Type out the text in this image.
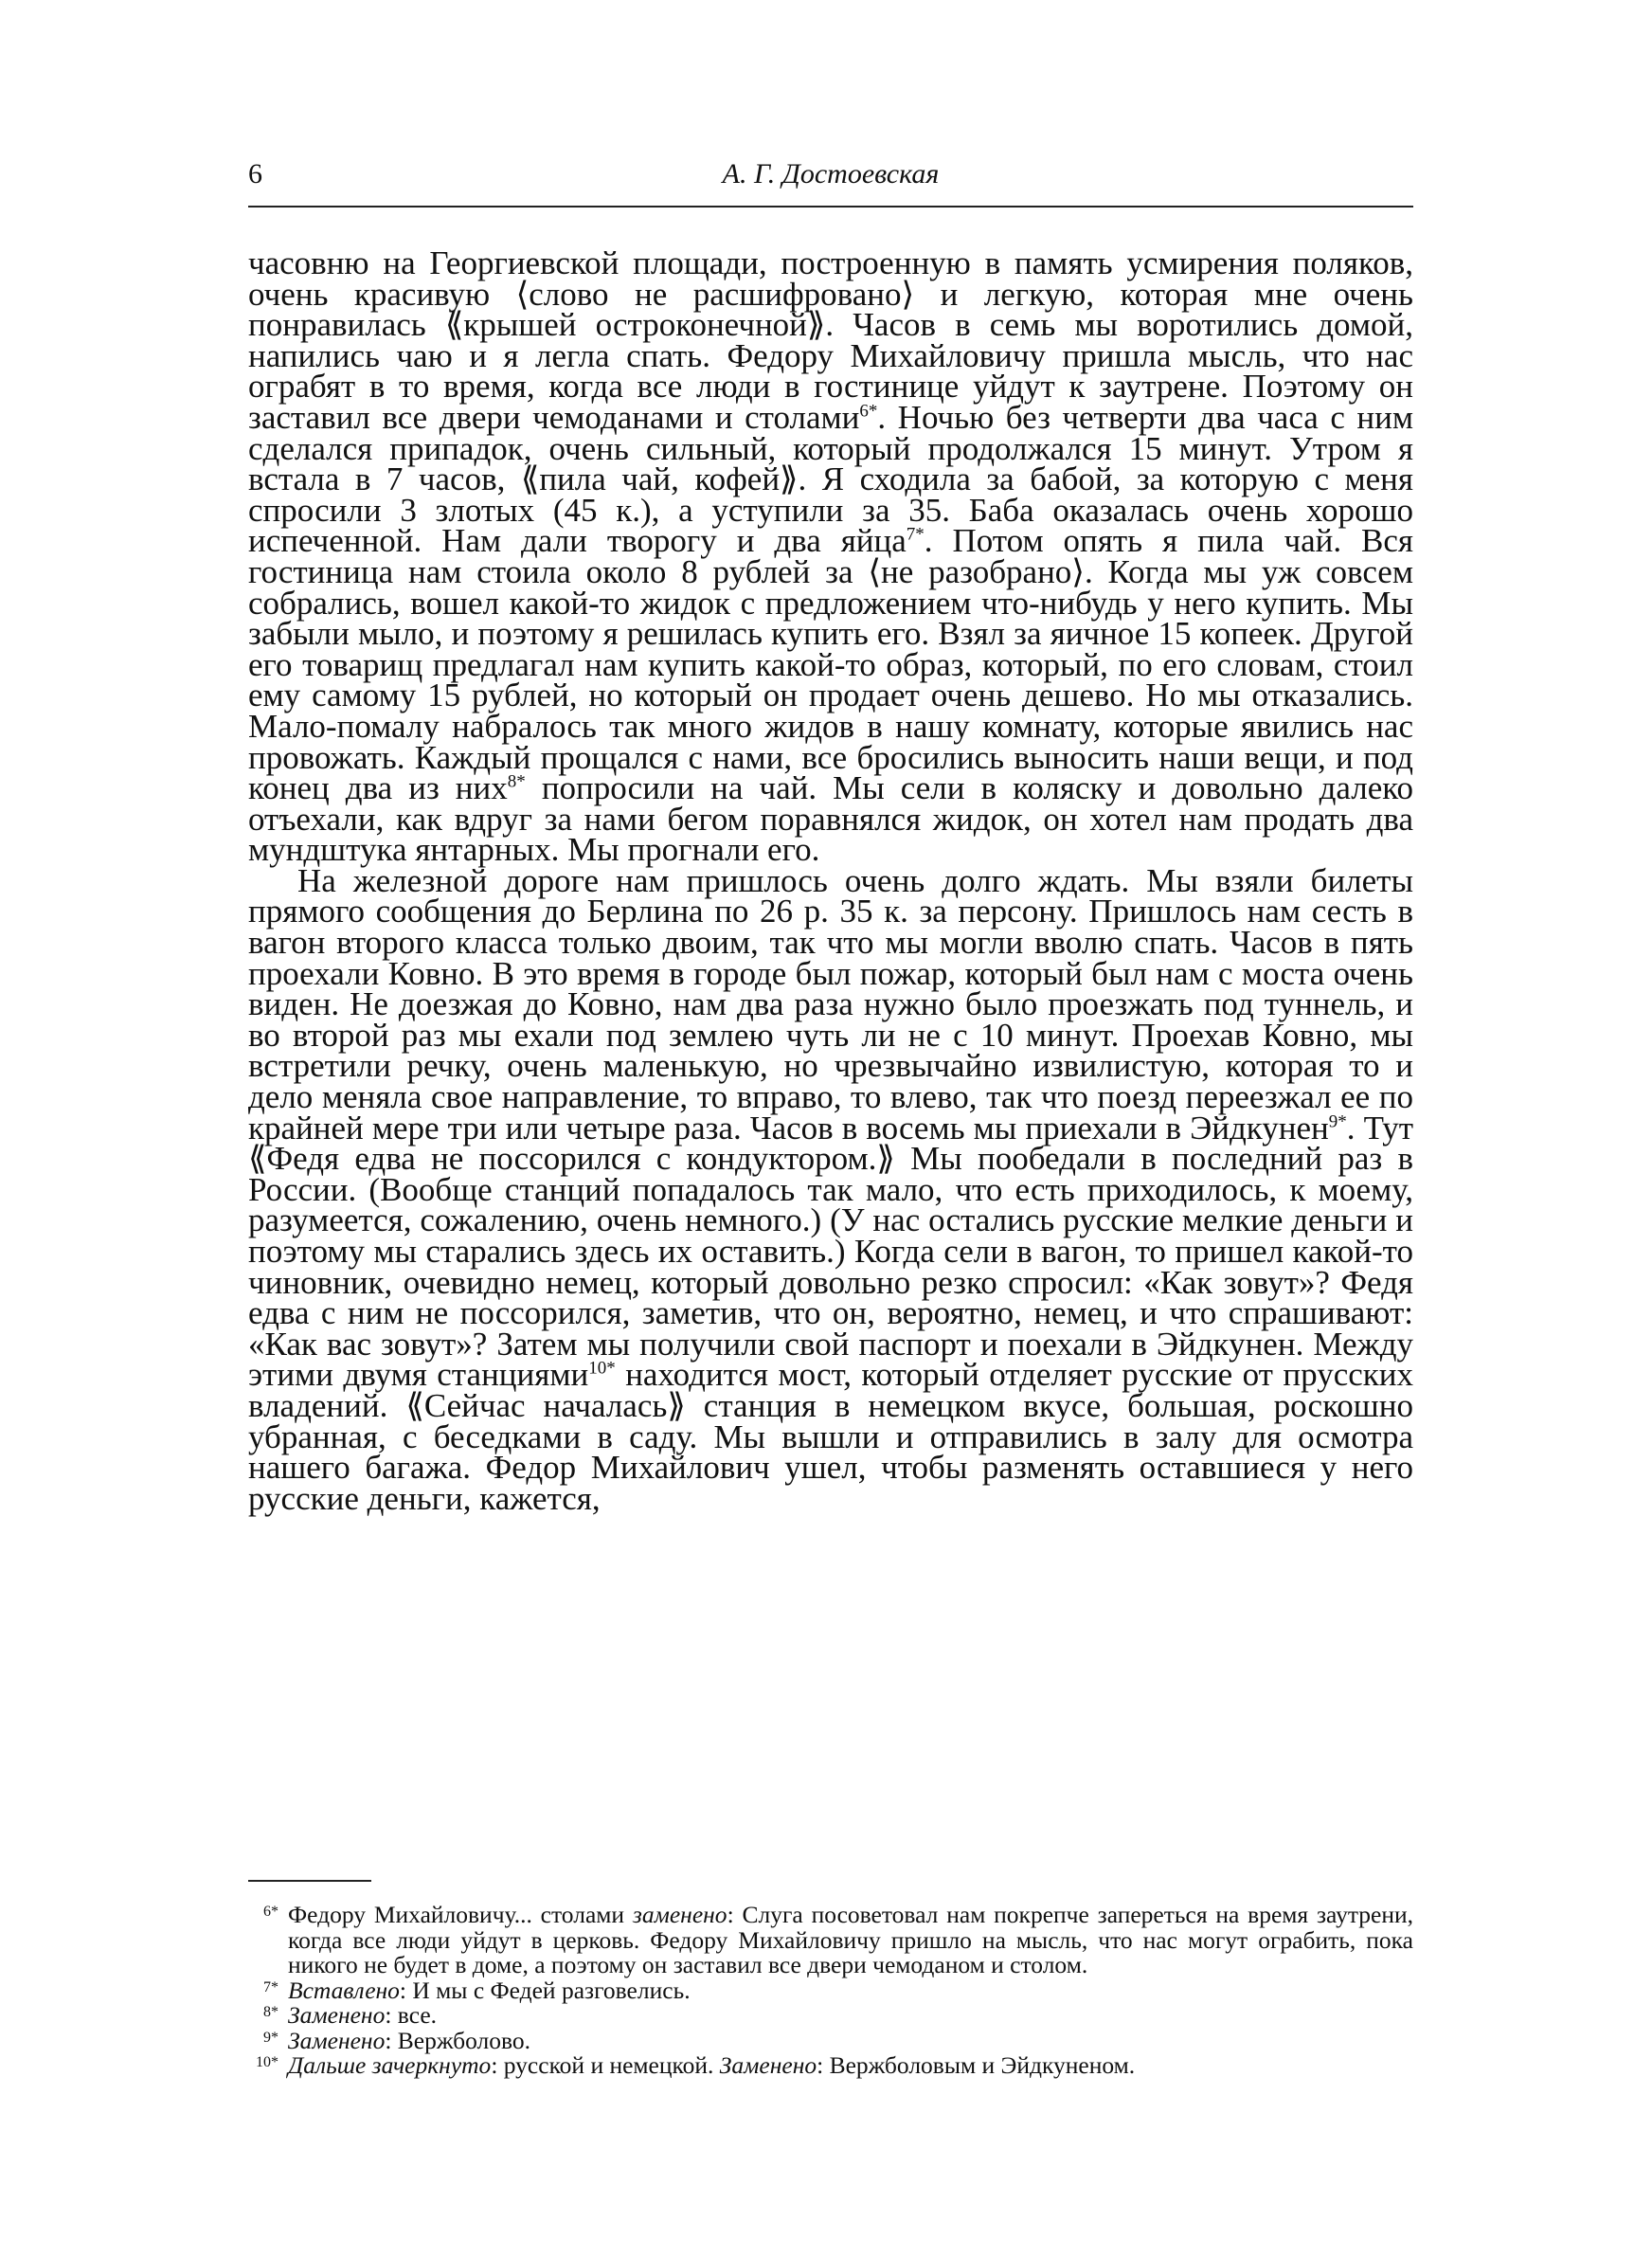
6	А. Г. Достоевская

часовню на Георгиевской площади, построенную в память усмирения поляков, очень красивую ⟨слово не расшифровано⟩ и легкую, которая мне очень понравилась ⟪крышей остроконечной⟫. Часов в семь мы воротились домой, напились чаю и я легла спать. Федору Михайловичу пришла мысль, что нас ограбят в то время, когда все люди в гостинице уйдут к заутрене. Поэтому он заставил все двери чемоданами и столами$^{6*}$. Ночью без четверти два часа с ним сделался припадок, очень сильный, который продолжался 15 минут. Утром я встала в 7 часов, ⟪пила чай, кофей⟫. Я сходила за бабой, за которую с меня спросили 3 злотых (45 к.), а уступили за 35. Баба оказалась очень хорошо испеченной. Нам дали творогу и два яйца$^{7*}$. Потом опять я пила чай. Вся гостиница нам стоила около 8 рублей за ⟨не разобрано⟩. Когда мы уж совсем собрались, вошел какой-то жидок с предложением что-нибудь у него купить. Мы забыли мыло, и поэтому я решилась купить его. Взял за яичное 15 копеек. Другой его товарищ предлагал нам купить какой-то образ, который, по его словам, стоил ему самому 15 рублей, но который он продает очень дешево. Но мы отказались. Мало-помалу набралось так много жидов в нашу комнату, которые явились нас провожать. Каждый прощался с нами, все бросились выносить наши вещи, и под конец два из них$^{8*}$ попросили на чай. Мы сели в коляску и довольно далеко отъехали, как вдруг за нами бегом поравнялся жидок, он хотел нам продать два мундштука янтарных. Мы прогнали его.

На железной дороге нам пришлось очень долго ждать. Мы взяли билеты прямого сообщения до Берлина по 26 р. 35 к. за персону. Пришлось нам сесть в вагон второго класса только двоим, так что мы могли вволю спать. Часов в пять проехали Ковно. В это время в городе был пожар, который был нам с моста очень виден. Не доезжая до Ковно, нам два раза нужно было проезжать под туннель, и во второй раз мы ехали под землею чуть ли не с 10 минут. Проехав Ковно, мы встретили речку, очень маленькую, но чрезвычайно извилистую, которая то и дело меняла свое направление, то вправо, то влево, так что поезд переезжал ее по крайней мере три или четыре раза. Часов в восемь мы приехали в Эйдкунен$^{9*}$. Тут ⟪Федя едва не поссорился с кондуктором.⟫ Мы пообедали в последний раз в России. (Вообще станций попадалось так мало, что есть приходилось, к моему, разумеется, сожалению, очень немного.) (У нас остались русские мелкие деньги и поэтому мы старались здесь их оставить.) Когда сели в вагон, то пришел какой-то чиновник, очевидно немец, который довольно резко спросил: «Как зовут»? Федя едва с ним не поссорился, заметив, что он, вероятно, немец, и что спрашивают: «Как вас зовут»? Затем мы получили свой паспорт и поехали в Эйдкунен. Между этими двумя станциями$^{10*}$ находится мост, который отделяет русские от прусских владений. ⟪Сейчас началась⟫ станция в немецком вкусе, большая, роскошно убранная, с беседками в саду. Мы вышли и отправились в залу для осмотра нашего багажа. Федор Михайлович ушел, чтобы разменять оставшиеся у него русские деньги, кажется,

6* Федору Михайловичу... столами заменено: Слуга посоветовал нам покрепче запереться на время заутрени, когда все люди уйдут в церковь. Федору Михайловичу пришло на мысль, что нас могут ограбить, пока никого не будет в доме, а поэтому он заставил все двери чемоданом и столом.
7* Вставлено: И мы с Федей разговелись.
8* Заменено: все.
9* Заменено: Вержболово.
10* Дальше зачеркнуто: русской и немецкой. Заменено: Вержболовым и Эйдкуненом.
